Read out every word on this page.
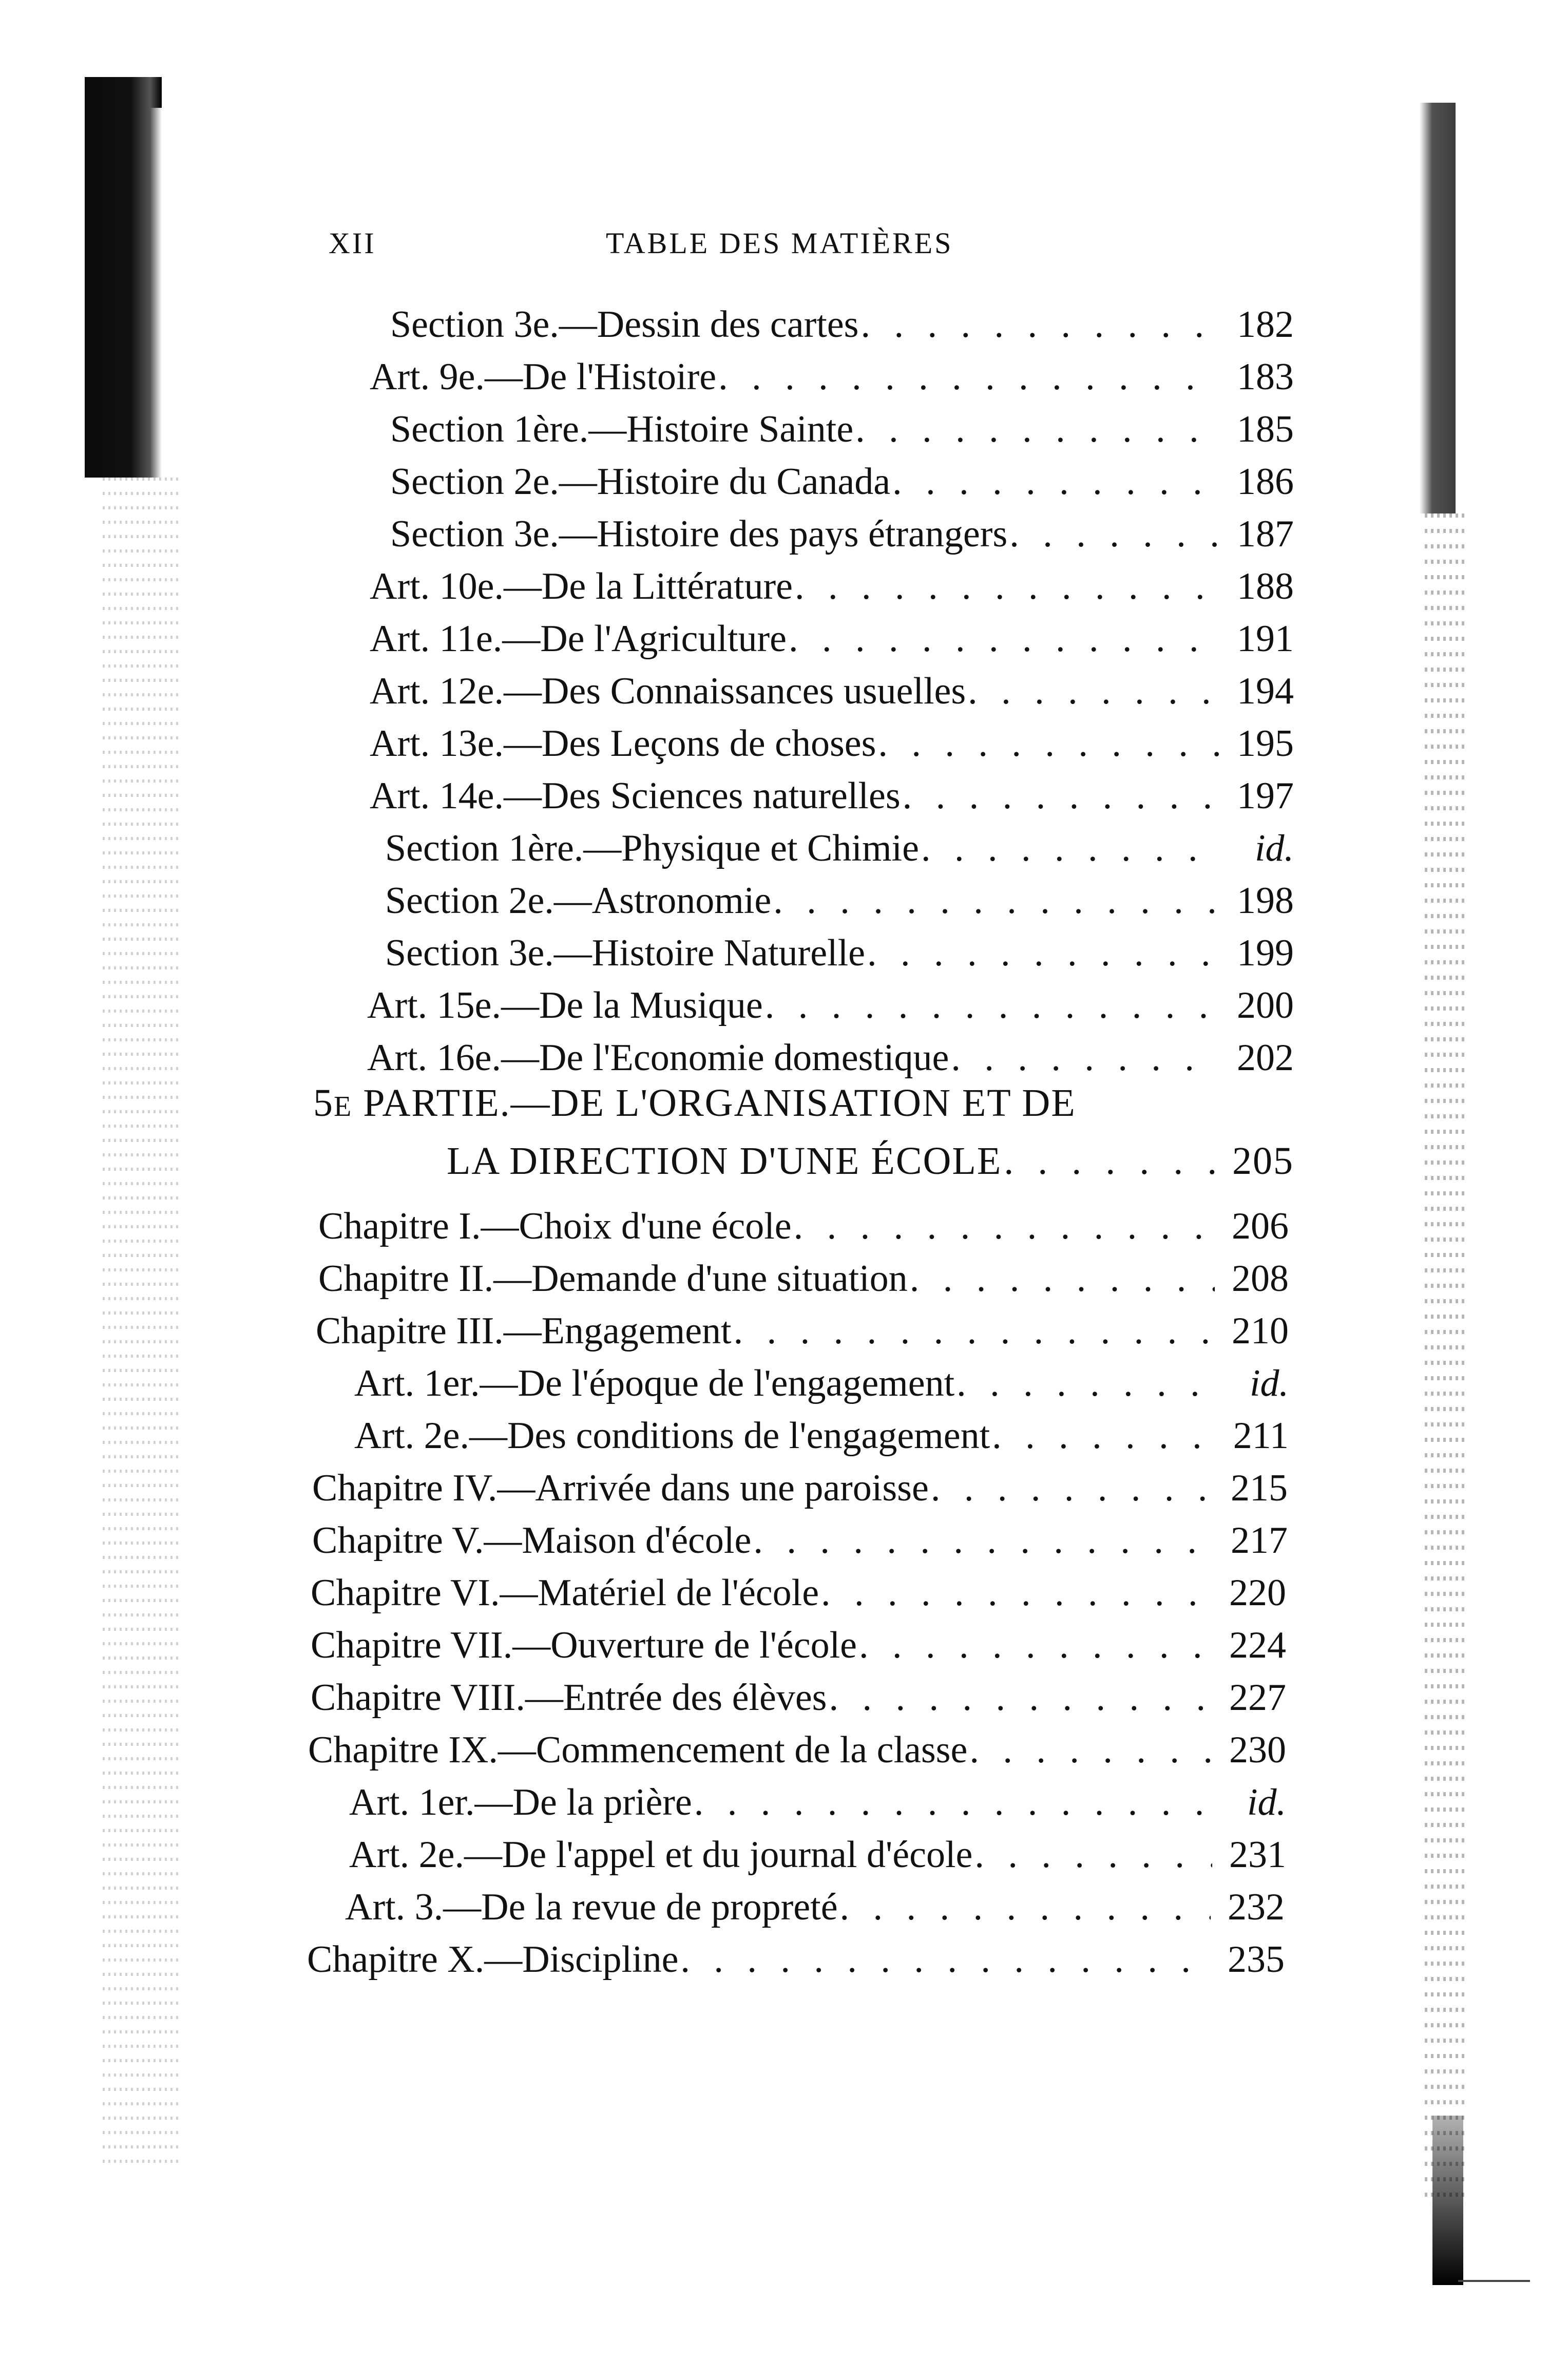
XII	TABLE DES MATIÈRES
Section 3e.—Dessin des cartes . . .	182
Art. 9e.—De l'Histoire . . .	183
Section 1ère.—Histoire Sainte . . .	185
Section 2e.—Histoire du Canada . . .	186
Section 3e.—Histoire des pays étrangers . . .	187
Art. 10e.—De la Littérature . . .	188
Art. 11e.—De l'Agriculture . . .	191
Art. 12e.—Des Connaissances usuelles . . .	194
Art. 13e.—Des Leçons de choses . . .	195
Art. 14e.—Des Sciences naturelles . . .	197
Section 1ère.—Physique et Chimie . . .	id.
Section 2e.—Astronomie . . .	198
Section 3e.—Histoire Naturelle . . .	199
Art. 15e.—De la Musique . . .	200
Art. 16e.—De l'Economie domestique . . .	202
5E PARTIE.—DE L'ORGANISATION ET DE
LA DIRECTION D'UNE ÉCOLE . . .	205
Chapitre I.—Choix d'une école . . .	206
Chapitre II.—Demande d'une situation . . .	208
Chapitre III.—Engagement . . .	210
Art. 1er.—De l'époque de l'engagement . . .	id.
Art. 2e.—Des conditions de l'engagement . . .	211
Chapitre IV.—Arrivée dans une paroisse . . .	215
Chapitre V.—Maison d'école . . .	217
Chapitre VI.—Matériel de l'école . . .	220
Chapitre VII.—Ouverture de l'école . . .	224
Chapitre VIII.—Entrée des élèves . . .	227
Chapitre IX.—Commencement de la classe . . .	230
Art. 1er.—De la prière . . .	id.
Art. 2e.—De l'appel et du journal d'école . . .	231
Art. 3.—De la revue de propreté . . .	232
Chapitre X.—Discipline . . .	235
